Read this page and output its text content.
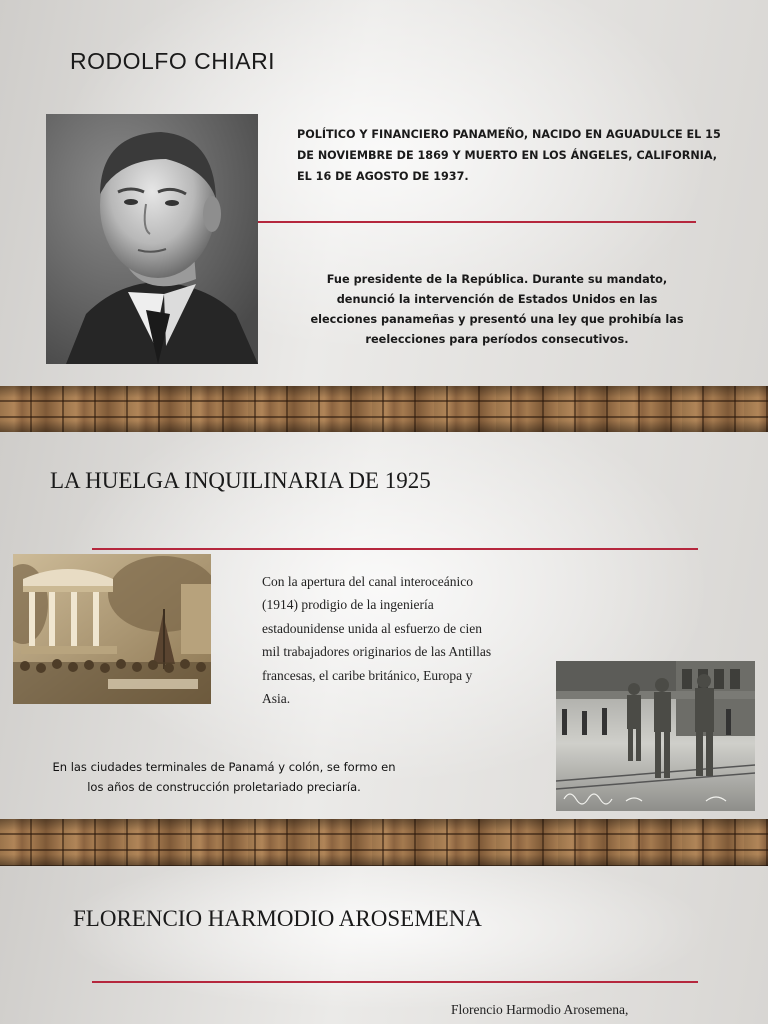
RODOLFO CHIARI

POLÍTICO Y FINANCIERO PANAMEÑO, NACIDO EN AGUADULCE EL 15 DE NOVIEMBRE DE 1869 Y MUERTO EN LOS ÁNGELES, CALIFORNIA, EL 16 DE AGOSTO DE 1937.

Fue presidente de la República. Durante su mandato, denunció la intervención de Estados Unidos en las elecciones panameñas y presentó una ley que prohibía las reelecciones para períodos consecutivos.

LA HUELGA INQUILINARIA DE 1925

Con la apertura del canal interoceánico (1914) prodigio de la ingeniería estadounidense unida al esfuerzo de cien mil trabajadores originarios de las Antillas francesas, el caribe británico, Europa y Asia.

En las ciudades terminales de Panamá y colón, se formo en los años de construcción proletariado preciaría.

FLORENCIO HARMODIO AROSEMENA

Florencio Harmodio Arosemena,
